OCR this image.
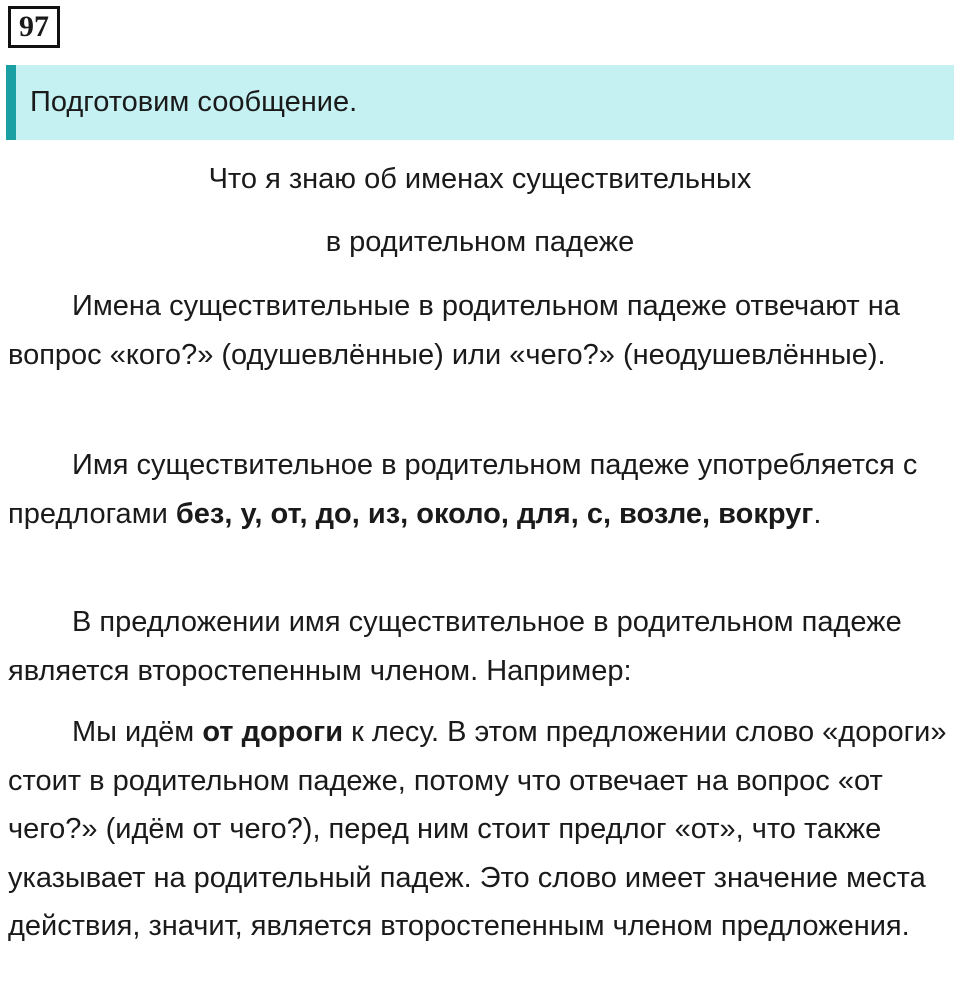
97
Подготовим сообщение.
Что я знаю об именах существительных
в родительном падеже

Имена существительные в родительном падеже отвечают на вопрос «кого?» (одушевлённые) или «чего?» (неодушевлённые).

Имя существительное в родительном падеже употребляется с предлогами без, у, от, до, из, около, для, с, возле, вокруг.

В предложении имя существительное в родительном падеже является второстепенным членом. Например:

Мы идём от дороги к лесу. В этом предложении слово «дороги» стоит в родительном падеже, потому что отвечает на вопрос «от чего?» (идём от чего?), перед ним стоит предлог «от», что также указывает на родительный падеж. Это слово имеет значение места действия, значит, является второстепенным членом предложения.
